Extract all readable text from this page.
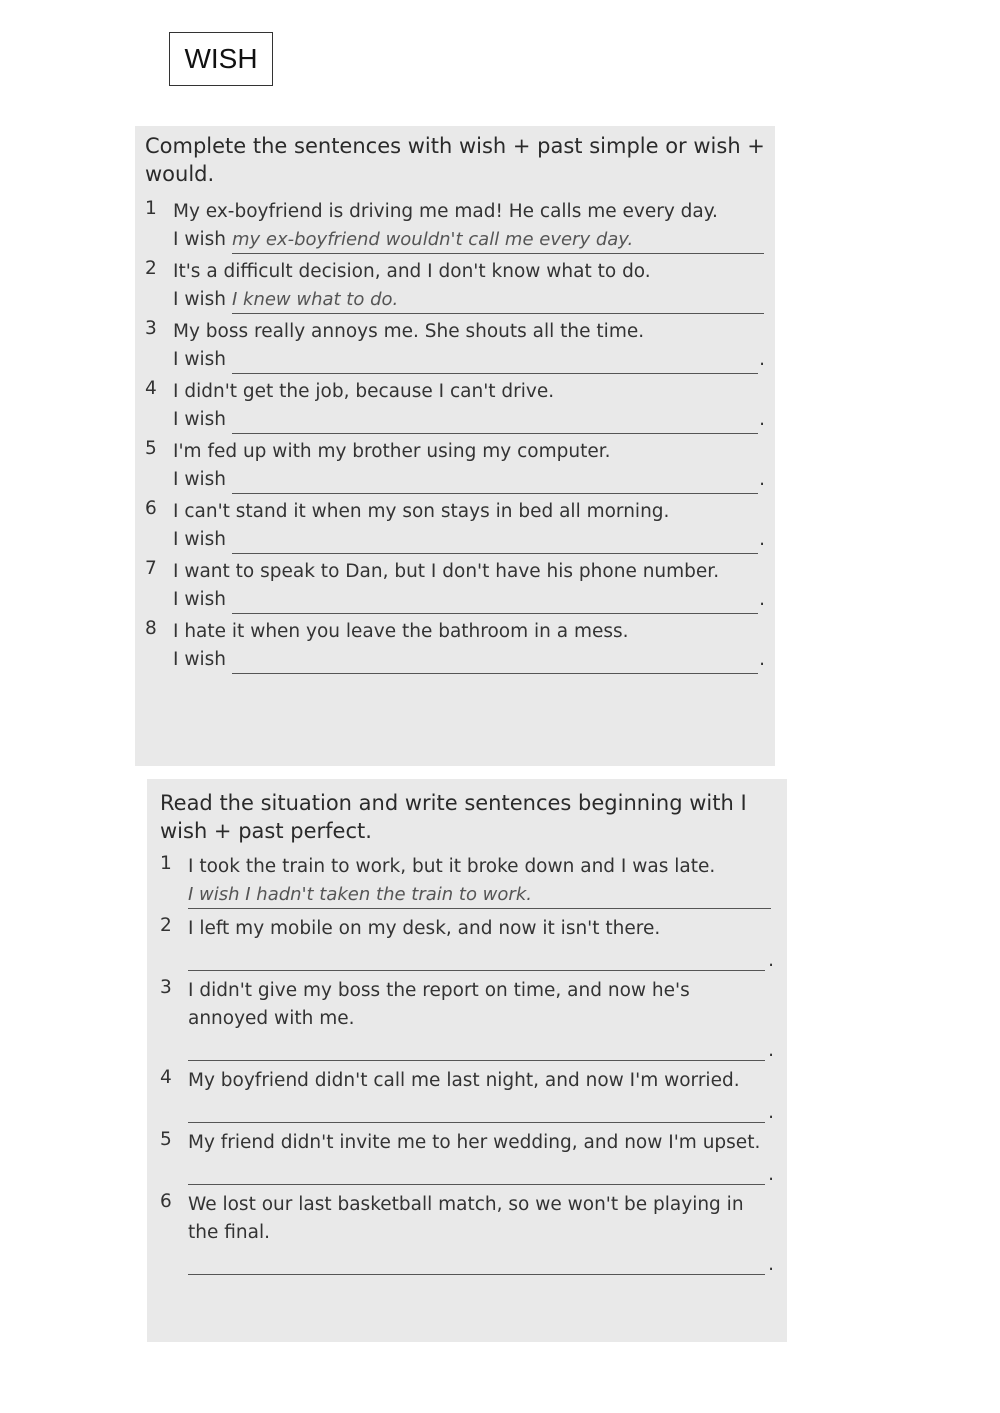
WISH

Complete the sentences with wish + past simple or wish + would.

1 My ex-boyfriend is driving me mad! He calls me every day.
I wish my ex-boyfriend wouldn't call me every day.
2 It's a difficult decision, and I don't know what to do.
I wish I knew what to do.
3 My boss really annoys me. She shouts all the time.
I wish	.
4 I didn't get the job, because I can't drive.
I wish	.
5 I'm fed up with my brother using my computer.
I wish	.
6 I can't stand it when my son stays in bed all morning.
I wish	.
7 I want to speak to Dan, but I don't have his phone number.
I wish	.
8 I hate it when you leave the bathroom in a mess.
I wish	.

Read the situation and write sentences beginning with I wish + past perfect.

1 I took the train to work, but it broke down and I was late.
I wish I hadn't taken the train to work.
2 I left my mobile on my desk, and now it isn't there.
.
3 I didn't give my boss the report on time, and now he's annoyed with me.
.
4 My boyfriend didn't call me last night, and now I'm worried.
.
5 My friend didn't invite me to her wedding, and now I'm upset.
.
6 We lost our last basketball match, so we won't be playing in the final.
.
